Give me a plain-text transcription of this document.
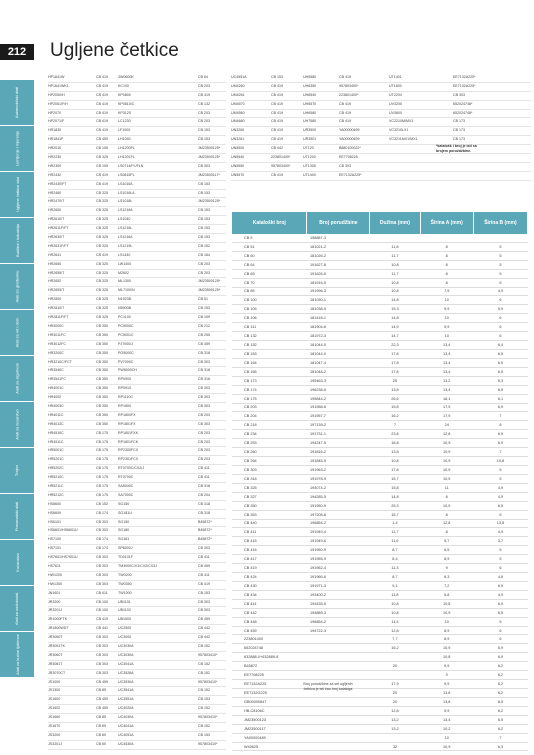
212
Automobilski alati
Lemljenje i mjerenje
Ugljene četkice alat
Bušilice i industrija
Alati za građevinu
Alati za vrt i dom
Alati za sigurnost
Alati za tesarstvo
Trajno
Pneumatski alati
Kućanstvo
Alati za vodoinstal.
Alati za kućne ljubimce
Ugljene četkice
HP1641W	CB 419	3W0600K	CB 64
HP1641WK1	CB 419	KC100	CB 203
HP2050/H	CB 419	KP0800	CB 419
HP2051/F/H	CB 419	KP0810/C	CB 132
HP2070	CB 419	KP312S	CB 203
HP2071/F	CB 419	LC1230	CB 203
HR1830	CB 419	LF1000	CB 153
HR1841F	CB 459	LH1040	CB 153
HR2010	CB 106	LH1200FL	JM23500125*
HR2230	CB 325	LH1201FL	JM23500125*
HR2300	CB 105	LS0714/FL/FLN	CB 303
HR2432	CB 419	LS0815FL	JM23500117*
HR2430/FT	CB 419	LS1016/L	CB 153
HR2460	CB 325	LS1016L/L	CB 153
HR2470/T	CB 325	LS1018L	JM23500125*
HR2600	CB 325	LS1216/L	CB 153
HR2610/T	CB 325	LS1040	CB 153
HR2611F/FT	CB 325	LS1216L	CB 153
HR2630/T	CB 325	LS1216/L	CB 153
HR2631F/FT	CB 325	LS1219L	CB 152
HR2641	CB 419	LS1440	CB 164
HR2650	CB 325	LW1400	CB 203
HR2655/T	CB 325	M2602	CB 203
HR2652	CB 325	ML1300	JM23500125*
HR2653/T	CB 325	ML7100/N	JM23500125*
HR2800	CB 325	N1923B	CB 51
HR2810/T	CB 325	N5900B	CB 153
HR2811F/FT	CB 325	PC1100	CB 109
HR3000C	CB 350	PC5000C	CB 212
HR3011FC	CB 350	PC5001C	CB 255
HR3012FC	CB 350	PJ7000/J	CB 459
HR3200C	CB 350	PO5000C	CB 318
HR3210C/FCT	CB 350	PV7000C	CB 303
HR3540C	CB 350	PW5000CH	CB 318
HR3541FC	CB 350	RP0900	CB 316
HR4001C	CB 350	RP0910	CB 303
HR4002	CB 350	RP1110C	CB 303
HR4003C	CB 350	RP1800	CB 303
HR4011C	CB 350	RP1800FX	CB 203
HR4013C	CB 350	RP1801FX	CB 303
HR4510C	CB 175	RP1801FXK	CB 203
HR4511C	CB 175	RP1801FCK	CB 203
HR5001C	CB 175	RP2300FCX	CB 203
HR5201C	CB 175	RP2301FCX	CB 203
HR5202C	CB 175	RT0700C/CX2/J	CB 411
HR5210C	CB 175	RT0700C	CB 411
HR5211C	CB 175	SA5040C	CB 318
HR5212C	CB 175	SA7000C	CB 204
HS6600	CB 152	SG150	CB 318
HS6609	CB 174	SG181U	CB 318
HS6101	CB 303	SG150	B45872*
HS6601/HS6601U	CB 303	SG180	B45872*
HS7100	CB 174	SG181	B45872*
HS7101	CB 174	SP6000J	CB 303
HS7601/HS7601U	CB 303	TD0101F	CB 411
HS7611	CB 303	TM3000C/X1/CX2/CX3J	CB 459
HW1200	CB 303	TW0200	CB 411
HW1300	CB 303	TW0350	CB 419
JN1601	CB 411	TW1000	CB 153
JR3200	CB 100	UB1101	CB 303
JR3201J	CB 100	UB1103	CB 303
JR1000FTK	CB 419	UB1500	CB 459
JR1800WDT	CB 441	UC2500	CB 442
JR3050T	CB 303	UC3000	CB 442
JR3051TK	CB 303	UC3030A	CB 152
JR3060T	CB 303	UC3030A	957803410*
JR3061T	CB 303	UC3041A	CB 152
JR3070CT	CB 303	UC3526A	CB 152
JS1000	CB 459	UC3530A	957803410*
JS1300	CB 85	UC3541A	CB 152
JS1600	CB 459	UC3551A	CB 153
JS1602	CB 459	UC4020A	CB 152
JS1660	CB 85	UC4030A	957803410*
JS1670	CB 65	UC4041A	CB 152
JS3200	CB 60	UC4051A	CB 153
JS3201J	CB 60	UC4530A	957803410*
UC4551A	CB 153	UH5580	CB 419	UT1401	EE7132A225*
UM4260	CB 419	UH6350	957803400*	UT1600	EE7132A225*
UM4261	CB 419	UH6540	223801400*	UT2204	CB 303
UM4570	CB 419	UH6570	CB 419	UV3200	652024748*
UM4560	CB 419	UH6580	CB 419	UV3600	652024748*
UM4660	CB 419	UH7580	CB 419	VC2210M/MX1	CB 173
UN3260	CB 419	UR3500	YA00000499	VC3210LX1	CB 173
UN3261	CB 419	UR3501	YA00000499	VC3211MX1/MX1	CB 173
UN5500	CB 442	UT120	B880100022*
UN5540	223801400*	UT1200	EE7708225
UN5550	957803400*	UT1305	CB 303
UN5570	CB 419	UT1400	EE7132A225*
*katalošk i broj je isti sa brojem poruždžbine.
Kataloški broj	Broj porudžbine	Dužina (mm)	Širina A (mm)	Širina B (mm)
CB 5	198887-3			
CB 51	181021-2	11,8	8	5
CB 60	181026-2	11,7	8	5
CB 64	191627-8	10,8	8	5
CB 65	191626-6	11,7	8	5
CB 70	181916-5	10,8	8	5
CB 85	191996-3	10,8	7,9	4,9
CB 100	181030-1	14,8	10	6
CB 105	181038-5	15,3	9,9	5,9
CB 106	181418-1	14,8	10	6
CB 111	181904-6	14,9	9,9	6
CB 132	181972-3	14,7	10	6
CB 152	181044-0	22,3	13,4	6,4
CB 153	181044-0	17,8	13,4	6,5
CB 164	181047-4	17,8	13,4	6,5
CB 165	181048-2	17,8	13,4	6,5
CB 173	195463-3	25	13,2	6,3
CB 174	196238-6	13,8	13,4	6,5
CB 175	195844-2	26,6	18,1	6,1
CB 203	191958-6	15,8	17,9	6,9
CB 204	191957-7	16,2	17,9	7
CB 218	197139-2	7	24	8
CB 234	191731-1	23,8	12,8	6,9
CB 253	194247-5	16,8	10,9	6,9
CB 260	191816-2	13,8	10,9	7
CB 264	191845-5	10,8	10,9	10,8
CB 303	191963-2	17,8	10,9	5
CB 318	191978-9	15,7	10,9	5
CB 325	194074-2	15,8	11	4,9
CB 327	194285-5	14,8	8	4,9
CB 350	191950-9	25,3	10,9	6,5
CB 353	197208-6	15,7	8	5
CB 440	196854-2	1,4	12,8	13,8
CB 411	191949-4	11,7	8	4,9
CB 415	191949-6	11,6	5,7	3,7
CB 416	191950-9	8,7	6,5	5
CB 417	191955-9	8,4	8,9	5
CB 419	191962-4	11,3	9	6
CB 424	191966-6	8,7	6,3	4,8
CB 430	191971-3	9,1	7,2	6,9
CB 434	193400-2	11,8	5,8	4,9
CB 441	194435-6	10,8	10,8	6,9
CB 442	194889-3	10,8	10,9	6,5
CB 448	196854-2	11,3	10	5
CB 459	194722-3	12,8	8,9	6
223801400		7,7	8,9	6
652024748		16,2	10,9	5,9
632888-0+632889-8			10,8	6,9
B45872		20	9,9	6,2
EE7708225			9	6,2
EE7132A225		17,9	9,9	6,2
EE7132G225		20	13,8	6,2
GB00000847		20	13,8	8,5
HB-C8106C		12,8	9,9	6,2
JM23500123		13,2	13,4	6,5
JM23500117		13,2	10,2	6,2
YA00000489			10	7
W40625		32	10,9	6,3
Broj porudžbine za set ugljenih četkica je isti kao broj kataloga
